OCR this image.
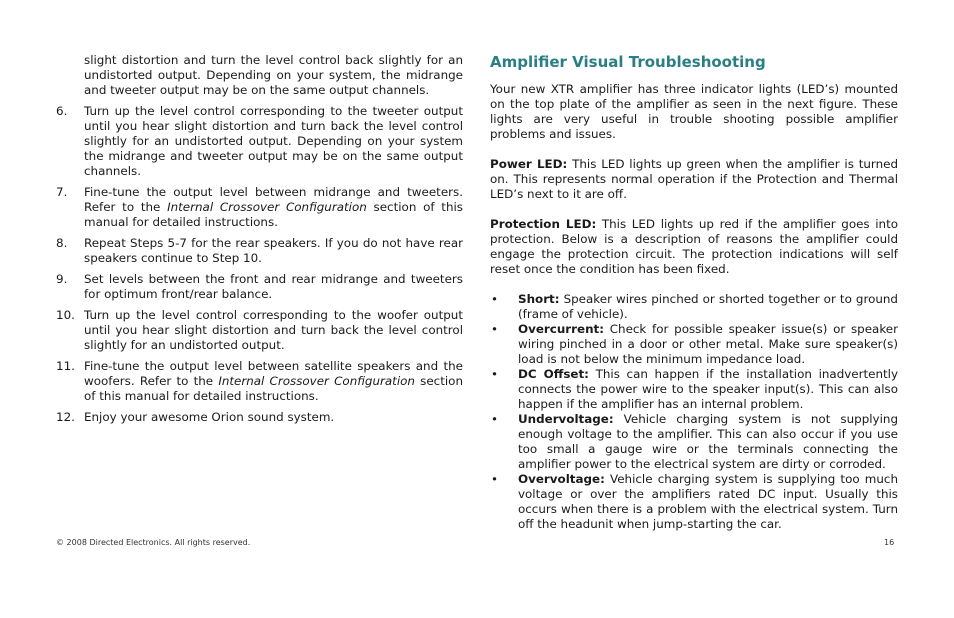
slight distortion and turn the level control back slightly for an undistorted output. Depending on your system, the midrange and tweeter output may be on the same output channels.

6. Turn up the level control corresponding to the tweeter output until you hear slight distortion and turn back the level control slightly for an undistorted output. Depending on your system the midrange and tweeter output may be on the same output channels.
7. Fine-tune the output level between midrange and tweeters. Refer to the Internal Crossover Configuration section of this manual for detailed instructions.
8. Repeat Steps 5-7 for the rear speakers. If you do not have rear speakers continue to Step 10.
9. Set levels between the front and rear midrange and tweeters for optimum front/rear balance.
10. Turn up the level control corresponding to the woofer output until you hear slight distortion and turn back the level control slightly for an undistorted output.
11. Fine-tune the output level between satellite speakers and the woofers. Refer to the Internal Crossover Configuration section of this manual for detailed instructions.
12. Enjoy your awesome Orion sound system.
Amplifier Visual Troubleshooting

Your new XTR amplifier has three indicator lights (LED’s) mounted on the top plate of the amplifier as seen in the next figure. These lights are very useful in trouble shooting possible amplifier problems and issues.

Power LED: This LED lights up green when the amplifier is turned on. This represents normal operation if the Protection and Thermal LED’s next to it are off.

Protection LED: This LED lights up red if the amplifier goes into protection. Below is a description of reasons the amplifier could engage the protection circuit. The protection indications will self reset once the condition has been fixed.

• Short: Speaker wires pinched or shorted together or to ground (frame of vehicle).
• Overcurrent: Check for possible speaker issue(s) or speaker wiring pinched in a door or other metal. Make sure speaker(s) load is not below the minimum impedance load.
• DC Offset: This can happen if the installation inadvertently connects the power wire to the speaker input(s). This can also happen if the amplifier has an internal problem.
• Undervoltage: Vehicle charging system is not supplying enough voltage to the amplifier. This can also occur if you use too small a gauge wire or the terminals connecting the amplifier power to the electrical system are dirty or corroded.
• Overvoltage: Vehicle charging system is supplying too much voltage or over the amplifiers rated DC input. Usually this occurs when there is a problem with the electrical system. Turn off the headunit when jump-starting the car.
© 2008 Directed Electronics. All rights reserved.	16
